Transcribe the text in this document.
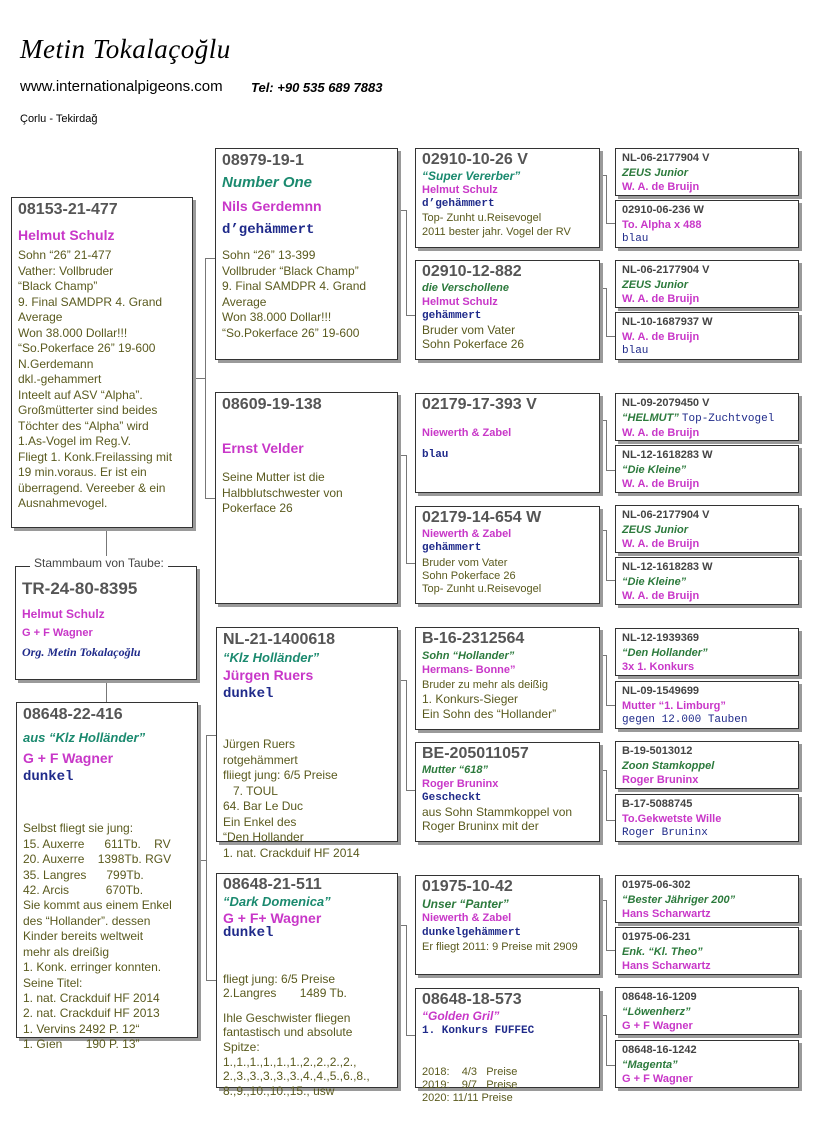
Metin Tokalaçoğlu
www.internationalpigeons.com Tel: +90 535 689 7883
Çorlu - Tekirdağ
08153-21-477
Helmut Schulz
Sohn “26” 21-477
Vather: Vollbruder
“Black Champ”
9. Final SAMDPR 4. Grand
Average
Won 38.000 Dollar!!!
“So.Pokerface 26” 19-600
N.Gerdemann
dkl.-gehammert
Inteelt auf ASV “Alpha”.
Großmütterter sind beides
Töchter des “Alpha” wird
1.As-Vogel im Reg.V.
Fliegt 1. Konk.Freilassing mit
19 min.voraus. Er ist ein
überragend. Vereeber & ein
Ausnahmevogel.
TR-24-80-8395
Helmut Schulz
G + F Wagner
Org. Metin Tokalaçoğlu
Stammbaum von Taube:
08648-22-416
aus “Klz Holländer”
G + F Wagner
dunkel

Selbst fliegt sie jung:
15. Auxerre      611Tb.    RV
20. Auxerre    1398Tb. RGV
35. Langres      799Tb.
42. Arcis           670Tb.
Sie kommt aus einem Enkel
des “Hollander”. dessen
Kinder bereits weltweit
mehr als dreißig
1. Konk. erringer konnten.
Seine Titel:
1. nat. Crackduif HF 2014
2. nat. Crackduif HF 2013
1. Vervins 2492 P. 12“
1. Gıen       190 P. 13”

08979-19-1
Number One
Nils Gerdemnn
d’gehämmert
Sohn “26” 13-399
Vollbruder “Black Champ”
9. Final SAMDPR 4. Grand
Average
Won 38.000 Dollar!!!
“So.Pokerface 26” 19-600
08609-19-138
Ernst Velder
Seine Mutter ist die
Halbblutschwester von
Pokerface 26
NL-21-1400618
“Klz Holländer”
Jürgen Ruers
dunkel

Jürgen Ruers
rotgehämmert
fliiegt jung: 6/5 Preise
7. TOUL
64. Bar Le Duc
Ein Enkel des
“Den Hollander
1. nat. Crackduif HF 2014

08648-21-511
“Dark Domenica”
G + F+ Wagner
dunkel

fliegt jung: 6/5 Preise
2.Langres       1489 Tb.
Ihle Geschwister fliegen
fantastisch und absolute
Spitze:
1.,1.,1.,1.,1.,1.,2.,2.,2.,2.,
2.,3.,3.,3.,3.,3.,4.,4.,5.,6.,8.,
8.,9.,10.,10.,15., usw

02910-10-26 V
“Super Vererber”
Helmut Schulz
d’gehämmert
Top- Zunht u.Reisevogel
2011 bester jahr. Vogel der RV
02910-12-882
die Verschollene
Helmut Schulz
gehämmert
Bruder vom Vater
Sohn Pokerface 26
02179-17-393 V
Niewerth & Zabel
blau
02179-14-654 W
Niewerth & Zabel
gehämmert
Bruder vom Vater
Sohn Pokerface 26
Top- Zunht u.Reisevogel
B-16-2312564
Sohn “Hollander”
Hermans- Bonne”
Bruder zu mehr als deißig
1. Konkurs-Sieger
Ein Sohn des “Hollander”
BE-205011057
Mutter “618”
Roger Bruninx
Gescheckt
aus Sohn Stammkoppel von
Roger Bruninx mit der
01975-10-42
Unser “Panter”
Niewerth & Zabel
dunkelgehämmert
Er fliegt 2011: 9 Preise mit 2909
08648-18-573
“Golden Gril”
1. Konkurs FUFFEC

2018:    4/3   Preise
2019:    9/7   Preise
2020: 11/11 Preise

NL-06-2177904 V
ZEUS Junior
W. A. de Bruijn
02910-06-236 W
To. Alpha x 488
blau
NL-06-2177904 V
ZEUS Junior
W. A. de Bruijn
NL-10-1687937 W
W. A. de Bruijn
blau
NL-09-2079450 V
“HELMUT” Top-Zuchtvogel
W. A. de Bruijn
NL-12-1618283 W
“Die Kleine”
W. A. de Bruijn
NL-06-2177904 V
ZEUS Junior
W. A. de Bruijn
NL-12-1618283 W
“Die Kleine”
W. A. de Bruijn
NL-12-1939369
“Den Hollander”
3x 1. Konkurs
NL-09-1549699
Mutter “1. Limburg”
gegen 12.000 Tauben
B-19-5013012
Zoon Stamkoppel
Roger Bruninx
B-17-5088745
To.Gekwetste Wille
Roger Bruninx
01975-06-302
“Bester Jähriger 200”
Hans Scharwartz
01975-06-231
Enk. “Kl. Theo”
Hans Scharwartz
08648-16-1209
“Löwenherz”
G + F Wagner
08648-16-1242
“Magenta”
G + F Wagner
